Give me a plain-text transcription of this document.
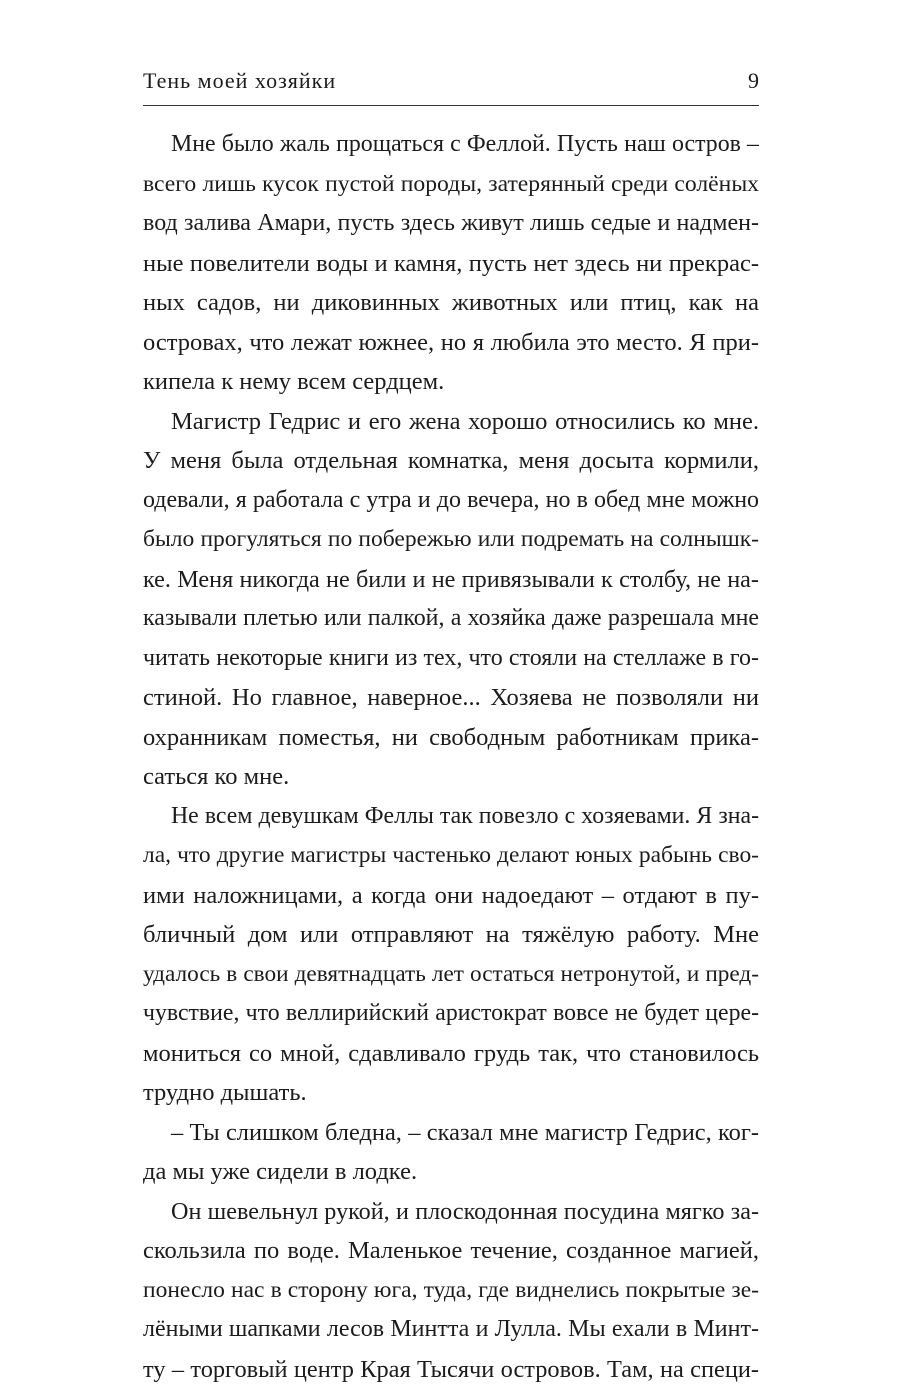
Тень моей хозяйки	9
Мне было жаль прощаться с Феллой. Пусть наш остров –
всего лишь кусок пустой породы, затерянный среди солёных
вод залива Амари, пусть здесь живут лишь седые и надмен-
ные повелители воды и камня, пусть нет здесь ни прекрас-
ных садов, ни диковинных животных или птиц, как на
островах, что лежат южнее, но я любила это место. Я при-
кипела к нему всем сердцем.
Магистр Гедрис и его жена хорошо относились ко мне.
У меня была отдельная комнатка, меня досыта кормили,
одевали, я работала с утра и до вечера, но в обед мне можно
было прогуляться по побережью или подремать на солнышк-
ке. Меня никогда не били и не привязывали к столбу, не на-
казывали плетью или палкой, а хозяйка даже разрешала мне
читать некоторые книги из тех, что стояли на стеллаже в го-
стиной. Но главное, наверное... Хозяева не позволяли ни
охранникам поместья, ни свободным работникам прика-
саться ко мне.
Не всем девушкам Феллы так повезло с хозяевами. Я зна-
ла, что другие магистры частенько делают юных рабынь сво-
ими наложницами, а когда они надоедают – отдают в пу-
бличный дом или отправляют на тяжёлую работу. Мне
удалось в свои девятнадцать лет остаться нетронутой, и пред-
чувствие, что веллирийский аристократ вовсе не будет цере-
мониться со мной, сдавливало грудь так, что становилось
трудно дышать.
– Ты слишком бледна, – сказал мне магистр Гедрис, ког-
да мы уже сидели в лодке.
Он шевельнул рукой, и плоскодонная посудина мягко за-
скользила по воде. Маленькое течение, созданное магией,
понесло нас в сторону юга, туда, где виднелись покрытые зе-
лёными шапками лесов Минтта и Лулла. Мы ехали в Минт-
ту – торговый центр Края Тысячи островов. Там, на специ-
